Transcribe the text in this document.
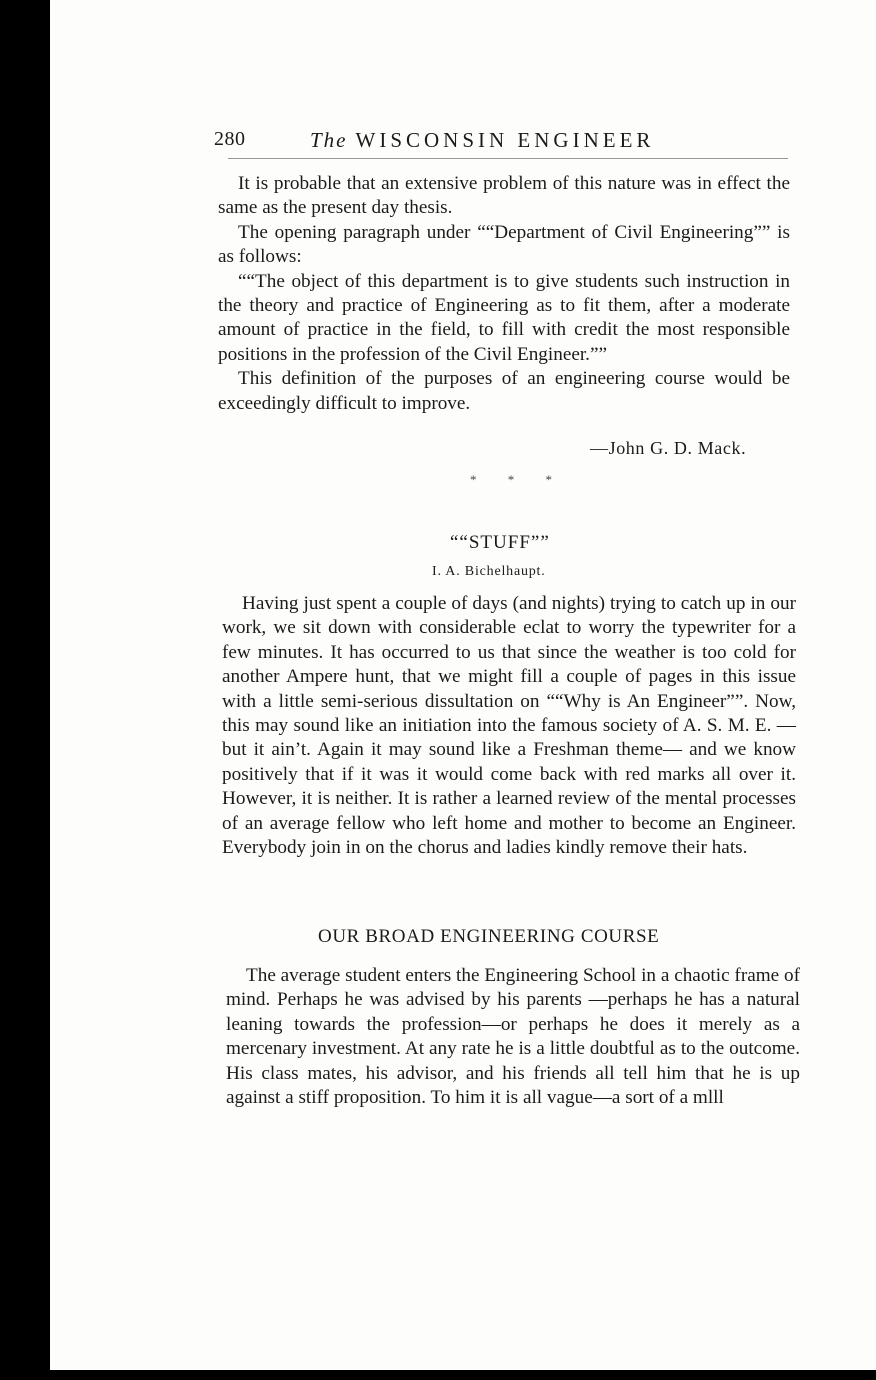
280	The WISCONSIN ENGINEER

It is probable that an extensive problem of this nature was in effect the same as the present day thesis.

The opening paragraph under ““Department of Civil Engineering”” is as follows:

““The object of this department is to give students such instruction in the theory and practice of Engineering as to fit them, after a moderate amount of practice in the field, to fill with credit the most responsible positions in the profession of the Civil Engineer.””

This definition of the purposes of an engineering course would be exceedingly difficult to improve.

—John G. D. Mack.
* * *
““STUFF””
I. A. Bichelhaupt.

Having just spent a couple of days (and nights) trying to catch up in our work, we sit down with considerable eclat to worry the typewriter for a few minutes. It has occurred to us that since the weather is too cold for another Ampere hunt, that we might fill a couple of pages in this issue with a little semi-serious dissultation on ““Why is An Engineer””. Now, this may sound like an initiation into the famous society of A. S. M. E. —but it ain’t. Again it may sound like a Freshman theme— and we know positively that if it was it would come back with red marks all over it. However, it is neither. It is rather a learned review of the mental processes of an average fellow who left home and mother to become an Engineer. Everybody join in on the chorus and ladies kindly remove their hats.

OUR BROAD ENGINEERING COURSE

The average student enters the Engineering School in a chaotic frame of mind. Perhaps he was advised by his parents —perhaps he has a natural leaning towards the profession—or perhaps he does it merely as a mercenary investment. At any rate he is a little doubtful as to the outcome. His class mates, his advisor, and his friends all tell him that he is up against a stiff proposition. To him it is all vague—a sort of a mlll
